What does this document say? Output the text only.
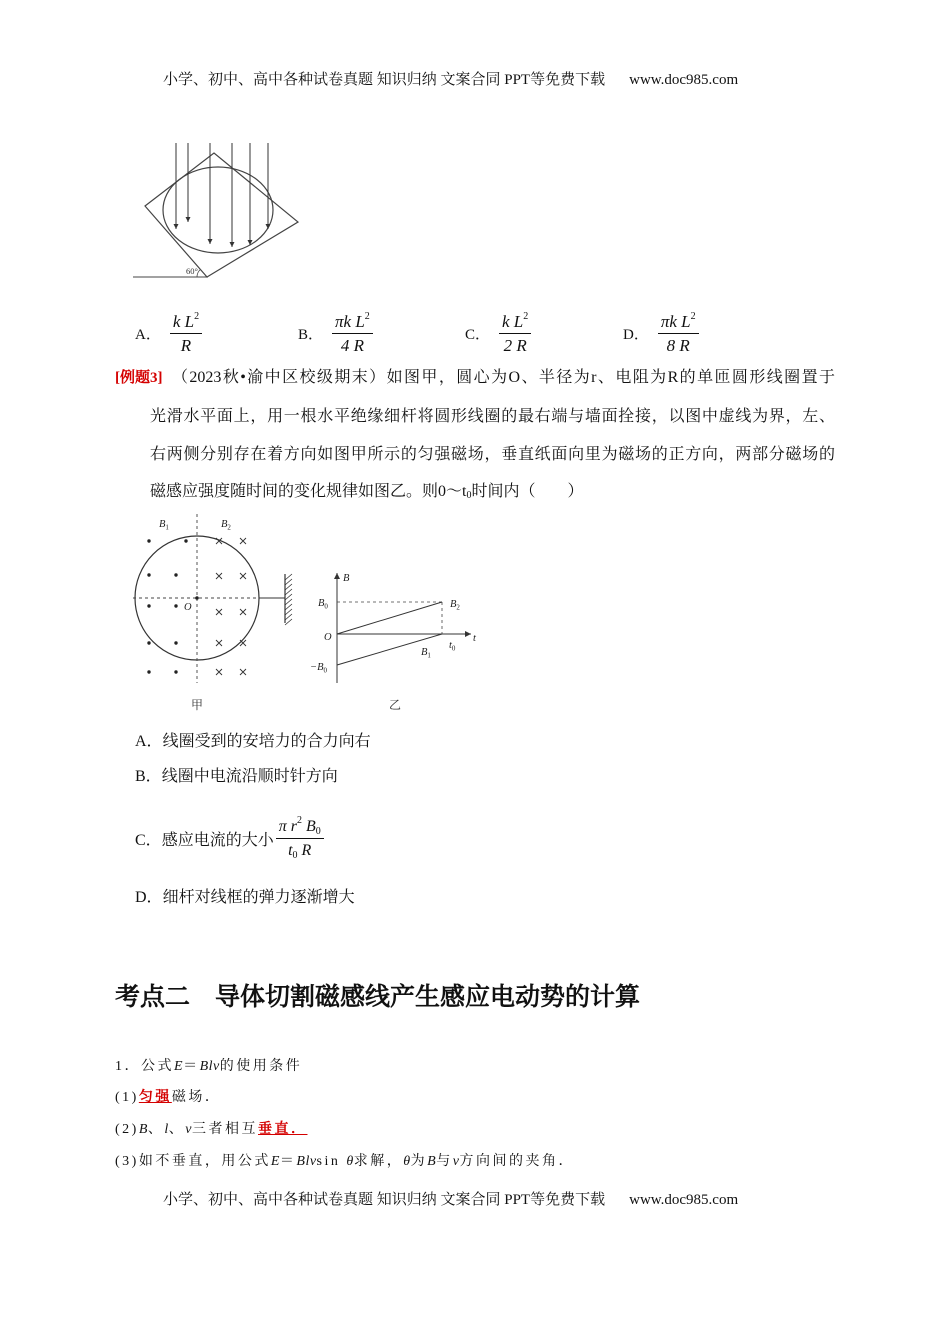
小学、初中、高中各种试卷真题 知识归纳 文案合同 PPT等免费下载 www.doc985.com
60°
A． $\frac{k L^2}{R}$	B． $\frac{\pi k L^2}{4 R}$	C． $\frac{k L^2}{2 R}$	D． $\frac{\pi k L^2}{8 R}$
[例题3] （2023秋•渝中区校级期末）如图甲，圆心为O、半径为r、电阻为R的单匝圆形线圈置于
光滑水平面上，用一根水平绝缘细杆将圆形线圈的最右端与墙面拴接，以图中虚线为界，左、
右两侧分别存在着方向如图甲所示的匀强磁场，垂直纸面向里为磁场的正方向，两部分磁场的
磁感应强度随时间的变化规律如图乙。则$0\sim t_0$时间内（　　）
$B_1$	$B_2$
O
甲
B
t
$B_0$
O
$-B_0$
$B_2$
$t_0$
$B_1$
乙
A．线圈受到的安培力的合力向右
B．线圈中电流沿顺时针方向
C． 感应电流的大小 $\frac{\pi r^2 B_0}{t_0 R}$
D．细杆对线框的弹力逐渐增大
考点二　导体切割磁感线产生感应电动势的计算
1．公式E＝Blv的使用条件
(1)匀强磁场．
(2)B、l、v三者相互垂直．
(3)如不垂直，用公式E＝Blvsin θ求解，θ为B与v方向间的夹角．
小学、初中、高中各种试卷真题 知识归纳 文案合同 PPT等免费下载 www.doc985.com
